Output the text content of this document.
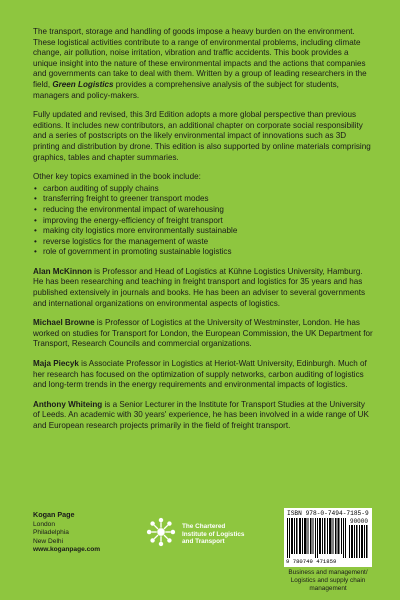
The transport, storage and handling of goods impose a heavy burden on the environment. These logistical activities contribute to a range of environmental problems, including climate change, air pollution, noise irritation, vibration and traffic accidents. This book provides a unique insight into the nature of these environmental impacts and the actions that companies and governments can take to deal with them. Written by a group of leading researchers in the field, Green Logistics provides a comprehensive analysis of the subject for students, managers and policy-makers.

Fully updated and revised, this 3rd Edition adopts a more global perspective than previous editions. It includes new contributors, an additional chapter on corporate social responsibility and a series of postscripts on the likely environmental impact of innovations such as 3D printing and distribution by drone. This edition is also supported by online materials comprising graphics, tables and chapter summaries.

Other key topics examined in the book include:

• carbon auditing of supply chains
• transferring freight to greener transport modes
• reducing the environmental impact of warehousing
• improving the energy-efficiency of freight transport
• making city logistics more environmentally sustainable
• reverse logistics for the management of waste
• role of government in promoting sustainable logistics

Alan McKinnon is Professor and Head of Logistics at Kühne Logistics University, Hamburg. He has been researching and teaching in freight transport and logistics for 35 years and has published extensively in journals and books. He has been an adviser to several governments and international organizations on environmental aspects of logistics.

Michael Browne is Professor of Logistics at the University of Westminster, London. He has worked on studies for Transport for London, the European Commission, the UK Department for Transport, Research Councils and commercial organizations.

Maja Piecyk is Associate Professor in Logistics at Heriot-Watt University, Edinburgh. Much of her research has focused on the optimization of supply networks, carbon auditing of logistics and long-term trends in the energy requirements and environmental impacts of logistics.

Anthony Whiteing is a Senior Lecturer in the Institute for Transport Studies at the University of Leeds. An academic with 30 years' experience, he has been involved in a wide range of UK and European research projects primarily in the field of freight transport.

Kogan Page
London
Philadelphia
New Delhi
www.koganpage.com
The Chartered
Institute of Logistics
and Transport
ISBN 978-0-7494-7185-9
90000
9 780749 471859
Business and management/
Logistics and supply chain
management
